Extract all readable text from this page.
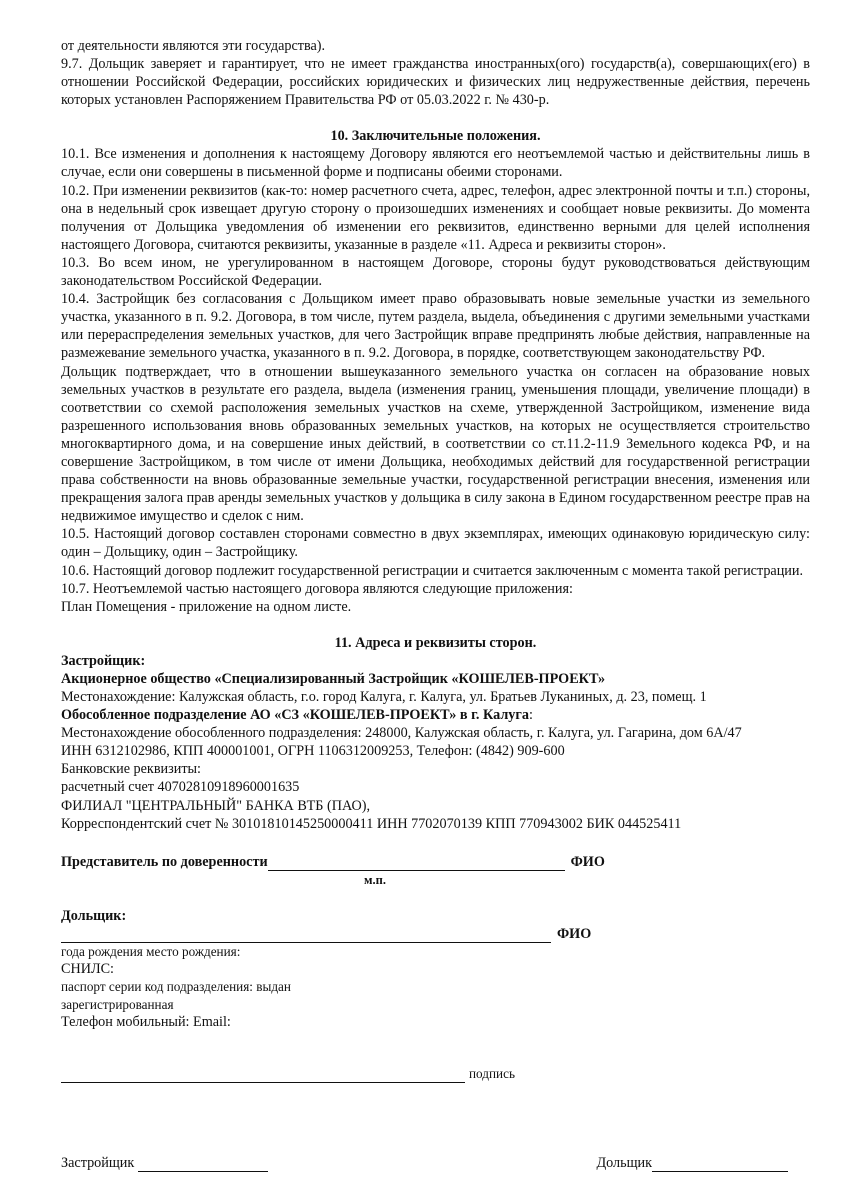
от деятельности являются эти государства).

9.7. Дольщик заверяет и гарантирует, что не имеет гражданства иностранных(ого) государств(а), совершающих(его) в отношении Российской Федерации, российских юридических и физических лиц недружественные действия, перечень которых установлен Распоряжением Правительства РФ от 05.03.2022 г. № 430-р.

10. Заключительные положения.

10.1. Все изменения и дополнения к настоящему Договору являются его неотъемлемой частью и действительны лишь в случае, если они совершены в письменной форме и подписаны обеими сторонами.

10.2. При изменении реквизитов (как-то: номер расчетного счета, адрес, телефон, адрес электронной почты и т.п.) стороны, она в недельный срок извещает другую сторону о произошедших изменениях и сообщает новые реквизиты. До момента получения от Дольщика уведомления об изменении его реквизитов, единственно верными для целей исполнения настоящего Договора, считаются реквизиты, указанные в разделе «11. Адреса и реквизиты сторон».

10.3. Во всем ином, не урегулированном в настоящем Договоре, стороны будут руководствоваться действующим законодательством Российской Федерации.

10.4. Застройщик без согласования с Дольщиком имеет право образовывать новые земельные участки из земельного участка, указанного в п. 9.2. Договора, в том числе, путем раздела, выдела, объединения с другими земельными участками или перераспределения земельных участков, для чего Застройщик вправе предпринять любые действия, направленные на размежевание земельного участка, указанного в п. 9.2. Договора, в порядке, соответствующем законодательству РФ.

Дольщик подтверждает, что в отношении вышеуказанного земельного участка он согласен на образование новых земельных участков в результате его раздела, выдела (изменения границ, уменьшения площади, увеличение площади) в соответствии со схемой расположения земельных участков на схеме, утвержденной Застройщиком, изменение вида разрешенного использования вновь образованных земельных участков, на которых не осуществляется строительство многоквартирного дома, и на совершение иных действий, в соответствии со ст.11.2-11.9 Земельного кодекса РФ, и на совершение Застройщиком, в том числе от имени Дольщика, необходимых действий для государственной регистрации права собственности на вновь образованные земельные участки, государственной регистрации внесения, изменения или прекращения залога прав аренды земельных участков у дольщика в силу закона в Едином государственном реестре прав на недвижимое имущество и сделок с ним.

10.5. Настоящий договор составлен сторонами совместно в двух экземплярах, имеющих одинаковую юридическую силу: один – Дольщику, один – Застройщику.

10.6. Настоящий договор подлежит государственной регистрации и считается заключенным с момента такой регистрации.

10.7. Неотъемлемой частью настоящего договора являются следующие приложения:

План Помещения - приложение на одном листе.

11. Адреса и реквизиты сторон.

Застройщик:

Акционерное общество «Специализированный Застройщик «КОШЕЛЕВ-ПРОЕКТ»

Местонахождение: Калужская область, г.о. город Калуга, г. Калуга, ул. Братьев Луканиных, д. 23, помещ. 1

Обособленное подразделение АО «СЗ «КОШЕЛЕВ-ПРОЕКТ» в г. Калуга:

Местонахождение обособленного подразделения: 248000, Калужская область, г. Калуга, ул. Гагарина, дом 6А/47

ИНН 6312102986, КПП 400001001, ОГРН 1106312009253, Телефон: (4842) 909-600

Банковские реквизиты:

расчетный счет 40702810918960001635

ФИЛИАЛ "ЦЕНТРАЛЬНЫЙ" БАНКА ВТБ (ПАО),

Корреспондентский счет № 30101810145250000411 ИНН 7702070139 КПП 770943002 БИК 044525411

Представитель по доверенности	ФИО
м.п.

Дольщик:

ФИО

года рождения место рождения:

СНИЛС:

паспорт серии код подразделения: выдан

зарегистрированная

Телефон мобильный: Email:

подпись
Застройщик	Дольщик
